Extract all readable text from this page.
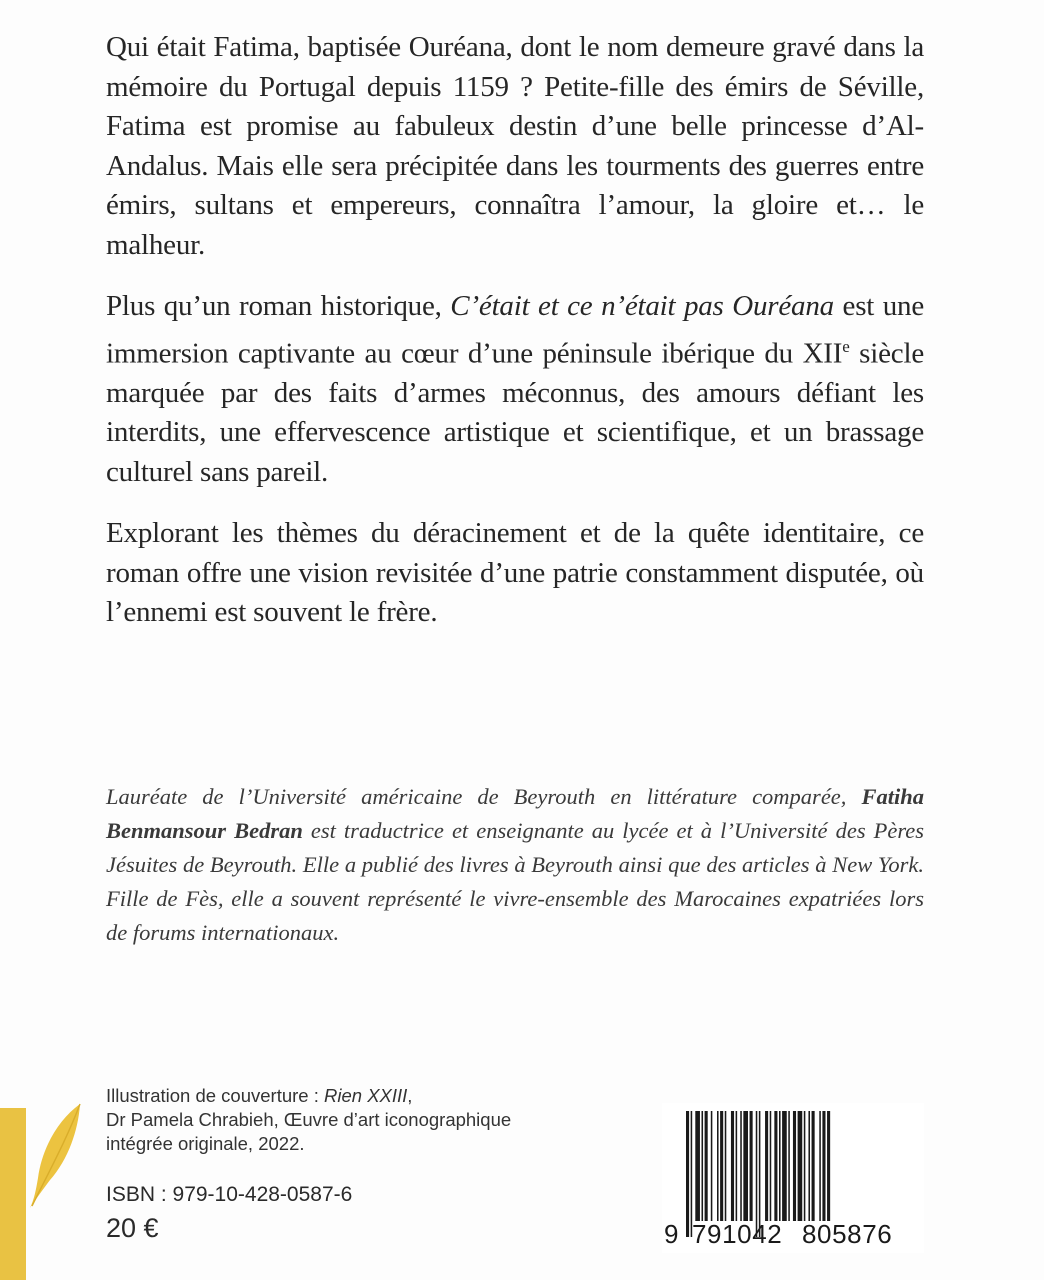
Qui était Fatima, baptisée Ouréana, dont le nom demeure gravé dans la mémoire du Portugal depuis 1159 ? Petite-fille des émirs de Séville, Fatima est promise au fabuleux destin d’une belle princesse d’Al-Andalus. Mais elle sera précipitée dans les tourments des guerres entre émirs, sultans et empereurs, connaîtra l’amour, la gloire et… le malheur.

Plus qu’un roman historique, C’était et ce n’était pas Ouréana est une immersion captivante au cœur d’une péninsule ibérique du XIIe siècle marquée par des faits d’armes méconnus, des amours défiant les interdits, une effervescence artistique et scientifique, et un brassage culturel sans pareil.

Explorant les thèmes du déracinement et de la quête identitaire, ce roman offre une vision revisitée d’une patrie constamment disputée, où l’ennemi est souvent le frère.

Lauréate de l’Université américaine de Beyrouth en littérature comparée, Fatiha Benmansour Bedran est traductrice et enseignante au lycée et à l’Université des Pères Jésuites de Beyrouth. Elle a publié des livres à Beyrouth ainsi que des articles à New York. Fille de Fès, elle a souvent représenté le vivre-ensemble des Marocaines expatriées lors de forums internationaux.
Illustration de couverture : Rien XXIII,
Dr Pamela Chrabieh, Œuvre d’art iconographique
intégrée originale, 2022.
ISBN : 979-10-428-0587-6
20 €	9 791042 805876
